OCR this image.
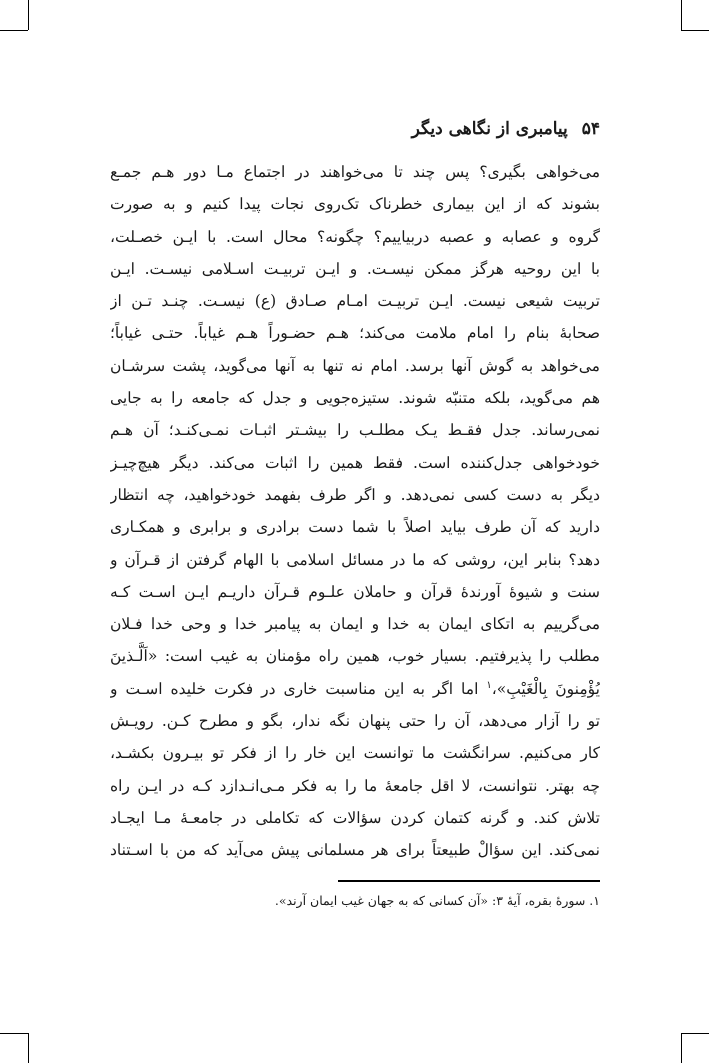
۵۴
پیامبری از نگاهی دیگر
می‌خواهی بگیری؟ پس چند تا می‌خواهند در اجتماع مـا دور هـم جمـع
بشوند که از این بیماری خطرناک تک‌روی نجات پیدا کنیم و به صورت
گروه و عصابه و عصبه دربیاییم؟ چگونه؟ محال است. با ایـن خصـلت،
با این روحیه هرگز ممکن نیسـت. و ایـن تربیـت اسـلامی نیسـت. ایـن
تربیت شیعی نیست. ایـن تربیـت امـام صـادق (ع) نیسـت. چنـد تـن از
صحابهٔ بنام را امام ملامت می‌کند؛ هـم حضـوراً هـم غیاباً. حتـی غیاباً؛
می‌خواهد به گوش آنها برسد. امام نه تنها به آنها می‌گوید، پشت سرشـان
هم می‌گوید، بلکه متنبّه شوند. ستیزه‌جویی و جدل که جامعه را به جایی
نمی‌رساند. جدل فقـط یـک مطلـب را بیشـتر اثبـات نمـی‌کنـد؛ آن هـم
خودخواهی جدل‌کننده است. فقط همین را اثبات می‌کند. دیگر هیچ‌چیـز
دیگر به دست کسی نمی‌دهد. و اگر طرف بفهمد خودخواهید، چه انتظار
دارید که آن طرف بیاید اصلاً با شما دست برادری و برابری و همکـاری
دهد؟ بنابر این، روشی که ما در مسائل اسلامی با الهام گرفتن از قـرآن و
سنت و شیوهٔ آورندهٔ قرآن و حاملان علـوم قـرآن داریـم ایـن اسـت کـه
می‌گرییم به اتکای ایمان به خدا و ایمان به پیامبر خدا و وحی خدا فـلان
مطلب را پذیرفتیم. بسیار خوب، همین راه مؤمنان به غیب است: «اَلَّـذینَ
یُؤْمِنونَ بِالْغَیْبِ»،$^۱$ اما اگر به این مناسبت خاری در فکرت خلیده اسـت و
تو را آزار می‌دهد، آن را حتی پنهان نگه ندار، بگو و مطرح کـن. رویـش
کار می‌کنیم. سرانگشت ما توانست این خار را از فکر تو بیـرون بکشـد،
چه بهتر. نتوانست، لا اقل جامعهٔ ما را به فکر مـی‌انـدازد کـه در ایـن راه
تلاش کند. و گرنه کتمان کردن سؤالات که تکاملی در جامعـهٔ مـا ایجـاد
نمی‌کند. این سؤالْ طبیعتاً برای هر مسلمانی پیش می‌آید که من با اسـتناد
۱. سورهٔ بقره، آیهٔ ۳: «آن کسانی که به جهان غیب ایمان آرند».
